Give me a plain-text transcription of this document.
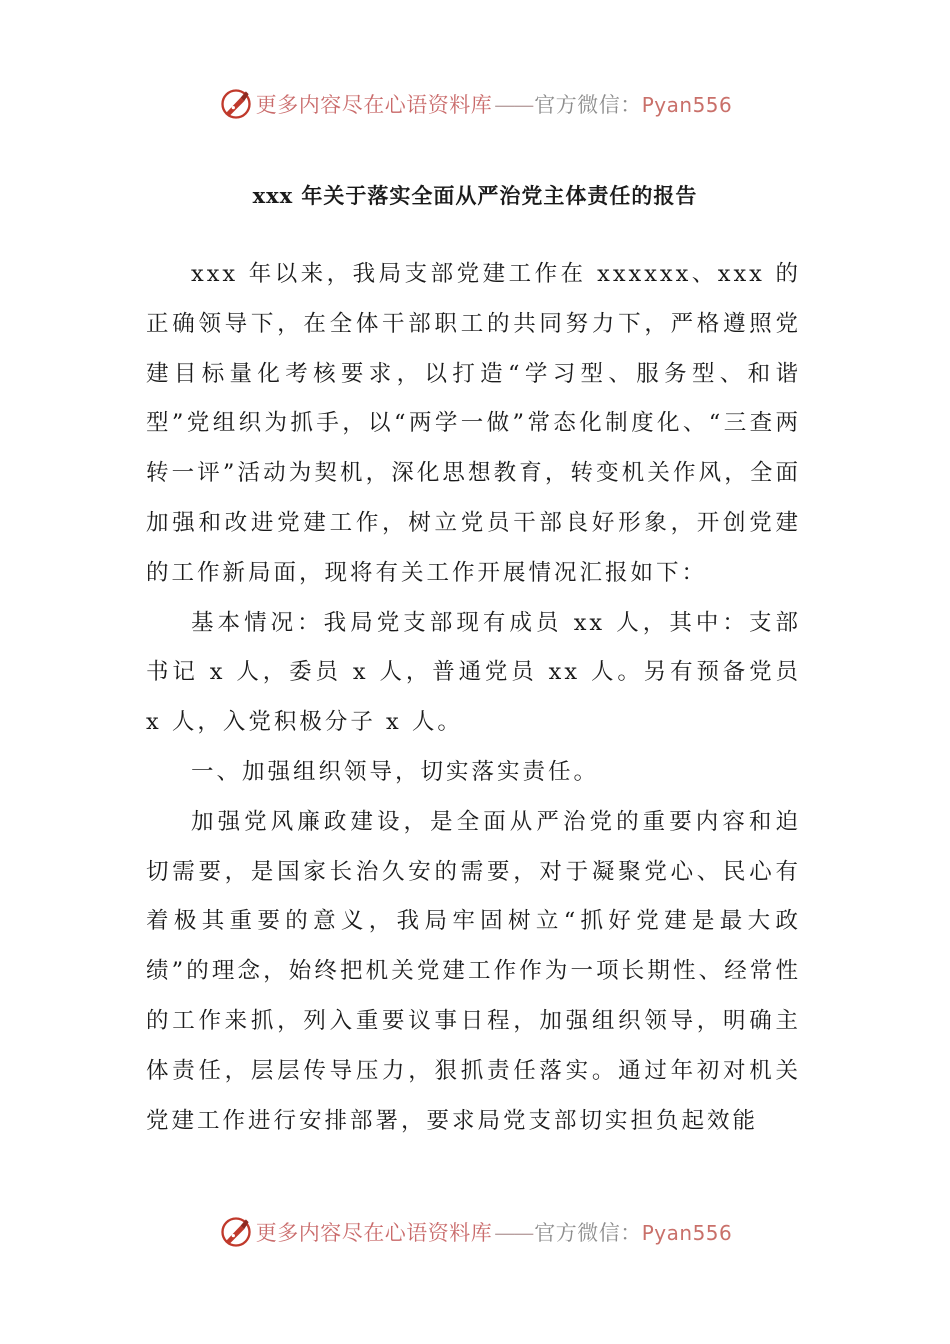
更多内容尽在心语资料库——官方微信：Pyan556
xxx 年关于落实全面从严治党主体责任的报告

xxx 年以来，我局支部党建工作在 xxxxxx、xxx 的正确领导下，在全体干部职工的共同努力下，严格遵照党建目标量化考核要求，以打造“学习型、服务型、和谐型”党组织为抓手，以“两学一做”常态化制度化、“三查两转一评”活动为契机，深化思想教育，转变机关作风，全面加强和改进党建工作，树立党员干部良好形象，开创党建的工作新局面，现将有关工作开展情况汇报如下：

基本情况：我局党支部现有成员 xx 人，其中：支部书记 x 人，委员 x 人，普通党员 xx 人。另有预备党员 x 人，入党积极分子 x 人。

一、加强组织领导，切实落实责任。

加强党风廉政建设，是全面从严治党的重要内容和迫切需要，是国家长治久安的需要，对于凝聚党心、民心有着极其重要的意义，我局牢固树立“抓好党建是最大政绩”的理念，始终把机关党建工作作为一项长期性、经常性的工作来抓，列入重要议事日程，加强组织领导，明确主体责任，层层传导压力，狠抓责任落实。通过年初对机关党建工作进行安排部署，要求局党支部切实担负起效能

更多内容尽在心语资料库——官方微信：Pyan556
